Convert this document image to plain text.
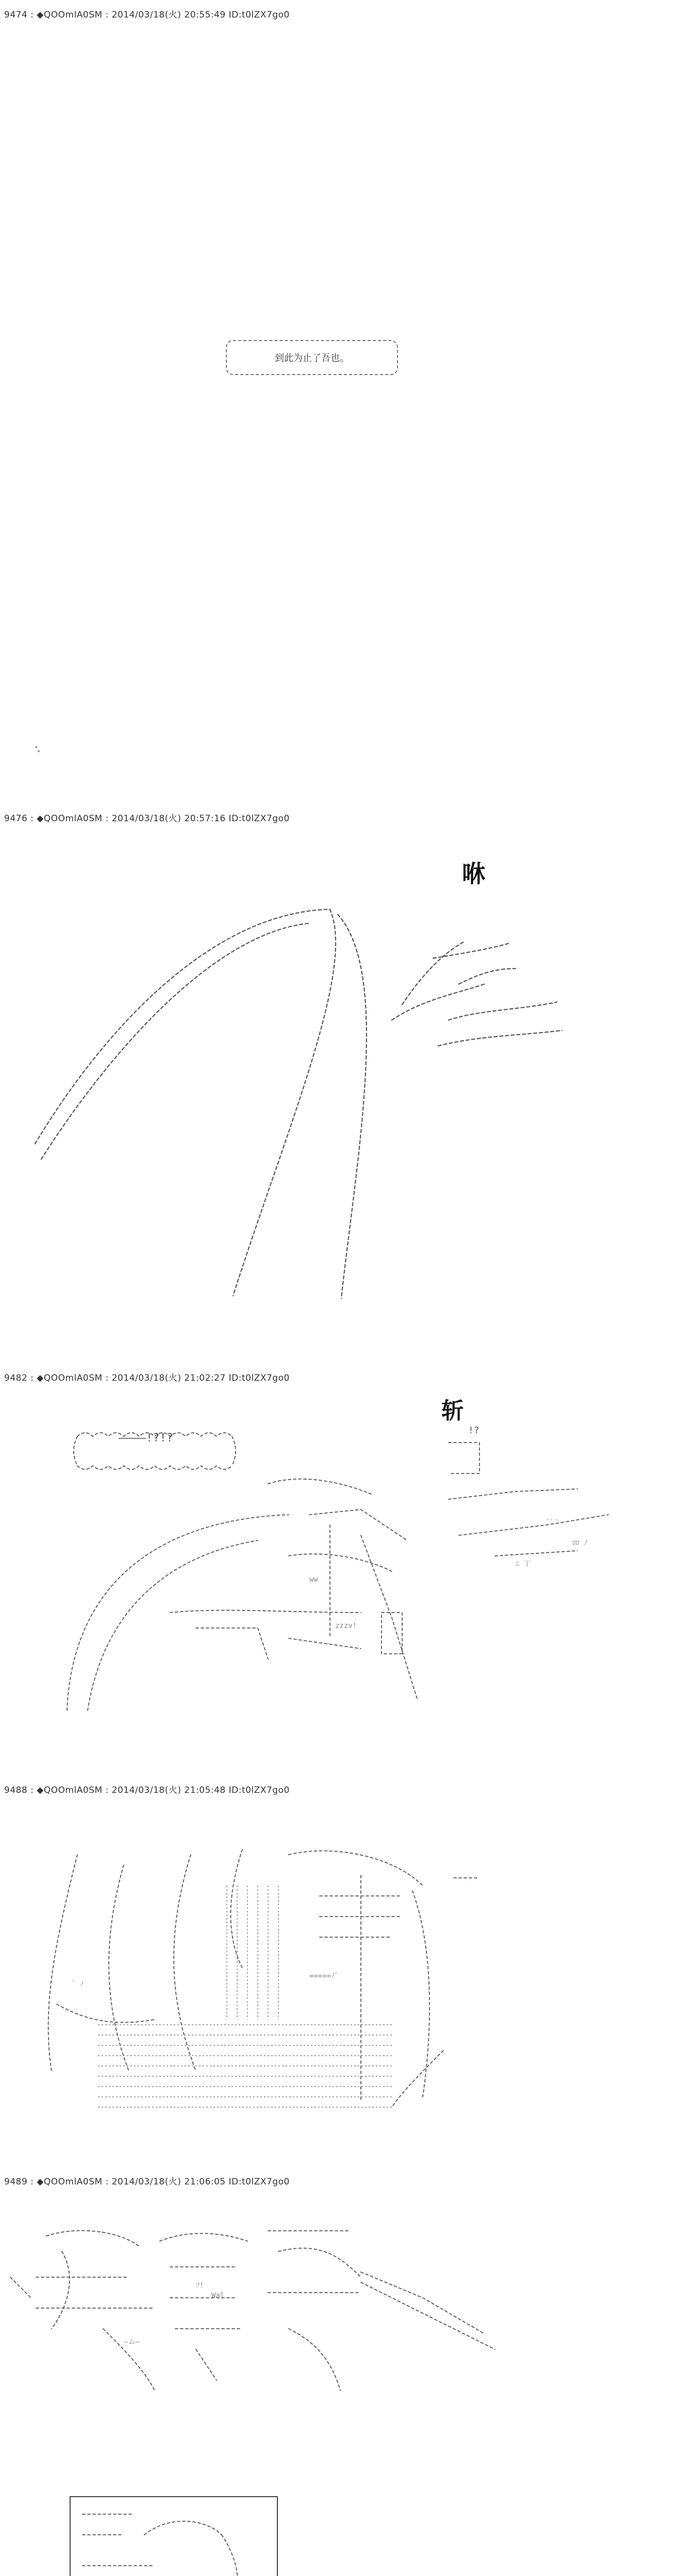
9474 : ◆QOOmlA0SM : 2014/03/18(火) 20:55:49 ID:t0lZX7go0
到此为止了吾也。
9476 : ◆QOOmlA0SM : 2014/03/18(火) 20:57:16 ID:t0lZX7go0
咻
9482 : ◆QOOmlA0SM : 2014/03/18(火) 21:02:27 ID:t0lZX7go0
斩
————!?!?
!?
ww
zzzv!
ﾞﾞ ﾟ
ﾆ 丁
ﾛﾛ ﾉ
9488 : ◆QOOmlA0SM : 2014/03/18(火) 21:05:48 ID:t0lZX7go0
=====ﾉﾞ
ﾞ ﾉ
9489 : ◆QOOmlA0SM : 2014/03/18(火) 21:06:05 ID:t0lZX7go0
ｿ!
Wal
―ム―
